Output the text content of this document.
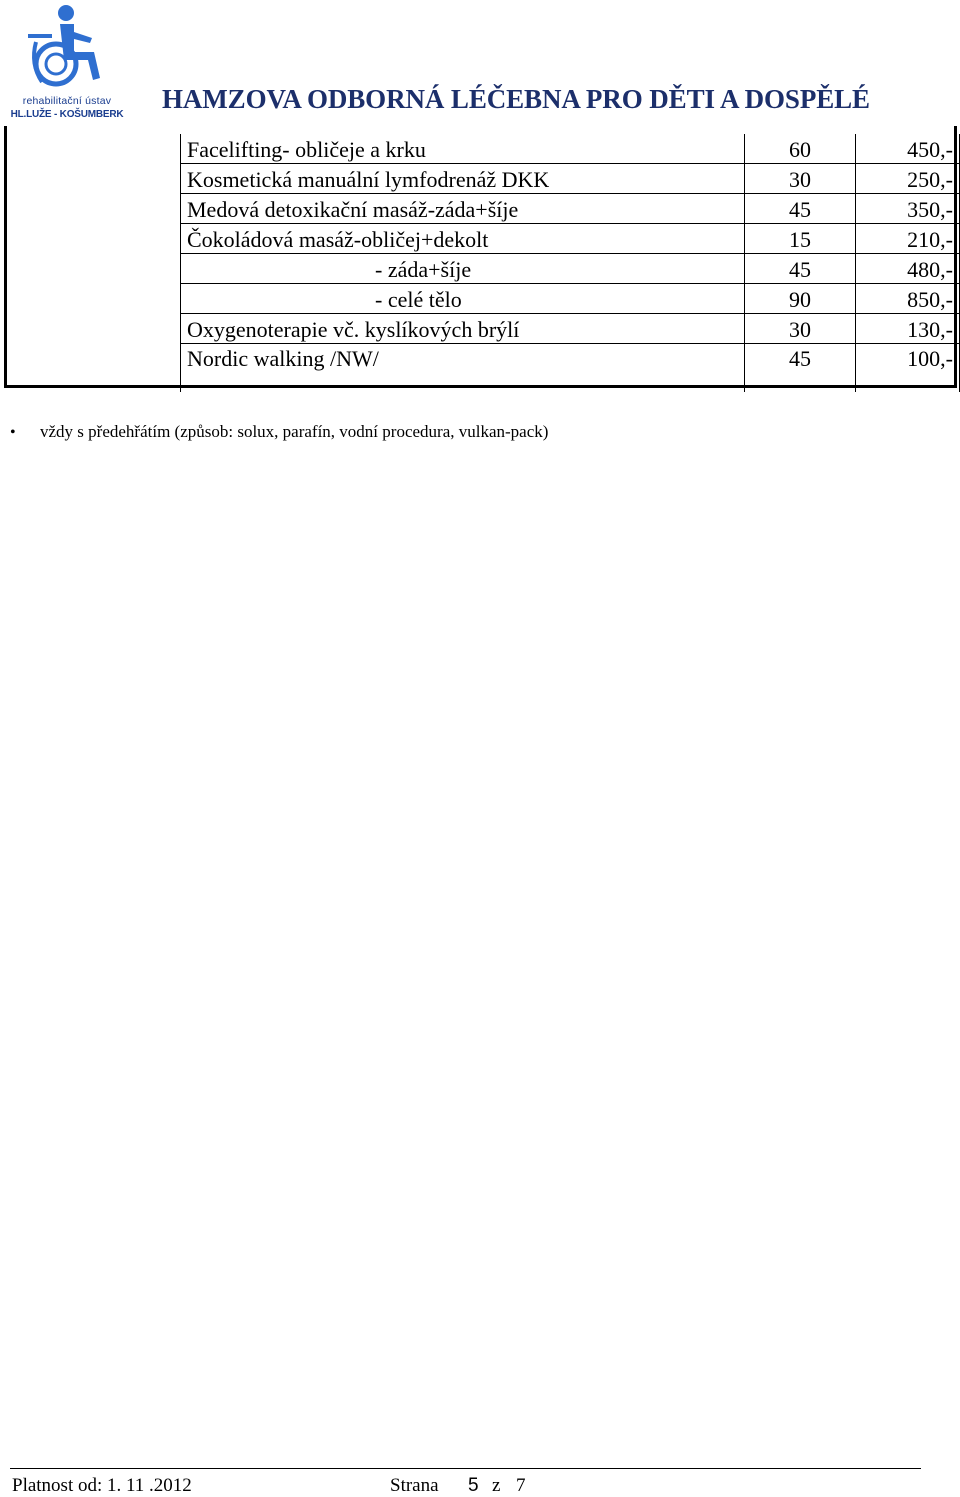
rehabilitační ústav
HL.LUŽE - KOŠUMBERK
HAMZOVA ODBORNÁ LÉČEBNA PRO DĚTI A DOSPĚLÉ
Facelifting- obličeje a krku	60	450,-
Kosmetická manuální lymfodrenáž DKK	30	250,-
Medová detoxikační masáž-záda+šíje	45	350,-
Čokoládová masáž-obličej+dekolt	15	210,-
- záda+šíje	45	480,-
- celé tělo	90	850,-
Oxygenoterapie vč. kyslíkových brýlí	30	130,-
Nordic walking /NW/	45	100,-
•	vždy s předehřátím (způsob: solux, parafín, vodní procedura, vulkan-pack)
Platnost od: 1. 11 .2012	Strana 5 z 7
